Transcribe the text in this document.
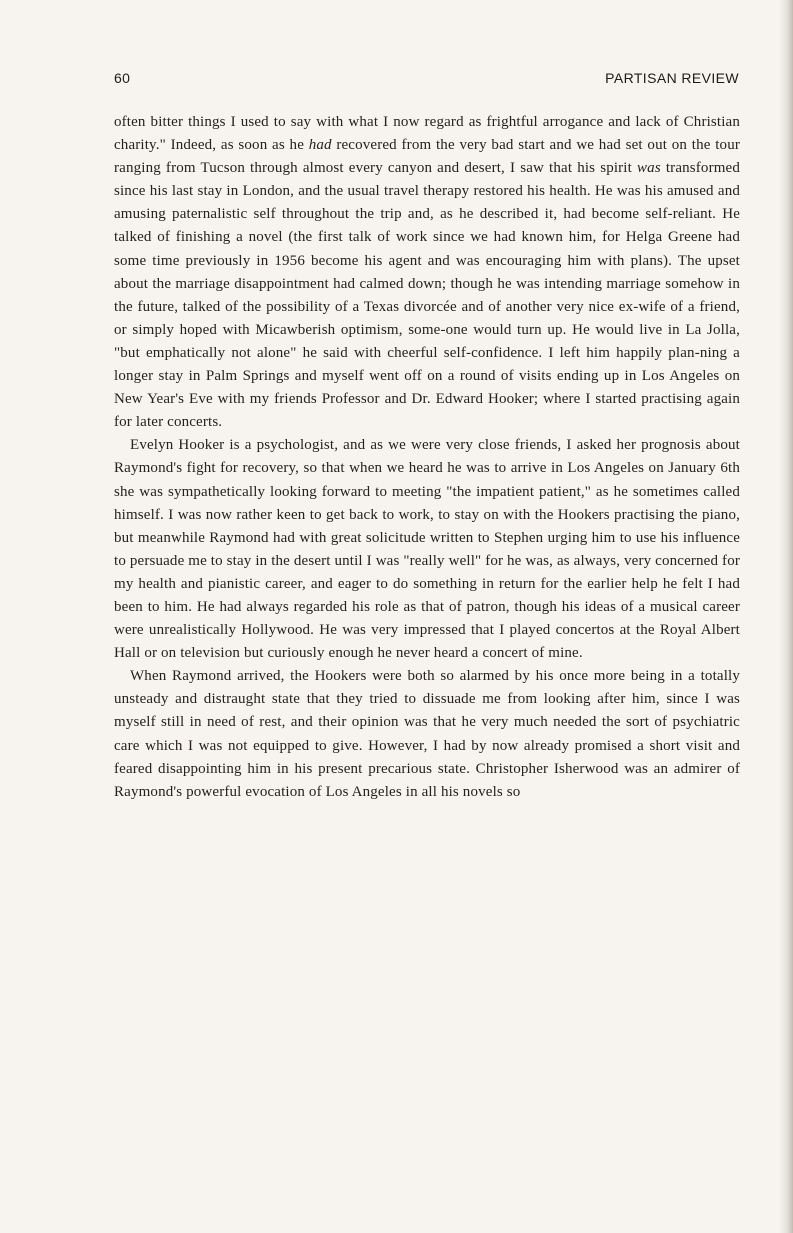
60	PARTISAN REVIEW

often bitter things I used to say with what I now regard as frightful arrogance and lack of Christian charity." Indeed, as soon as he had recovered from the very bad start and we had set out on the tour ranging from Tucson through almost every canyon and desert, I saw that his spirit was transformed since his last stay in London, and the usual travel therapy restored his health. He was his amused and amusing paternalistic self throughout the trip and, as he described it, had become self-reliant. He talked of finishing a novel (the first talk of work since we had known him, for Helga Greene had some time previously in 1956 become his agent and was encouraging him with plans). The upset about the marriage disappointment had calmed down; though he was intending marriage somehow in the future, talked of the possibility of a Texas divorcée and of another very nice ex-wife of a friend, or simply hoped with Micawberish optimism, some-one would turn up. He would live in La Jolla, "but emphatically not alone" he said with cheerful self-confidence. I left him happily plan-ning a longer stay in Palm Springs and myself went off on a round of visits ending up in Los Angeles on New Year's Eve with my friends Professor and Dr. Edward Hooker; where I started practising again for later concerts.

Evelyn Hooker is a psychologist, and as we were very close friends, I asked her prognosis about Raymond's fight for recovery, so that when we heard he was to arrive in Los Angeles on January 6th she was sympathetically looking forward to meeting "the impatient patient," as he sometimes called himself. I was now rather keen to get back to work, to stay on with the Hookers practising the piano, but meanwhile Raymond had with great solicitude written to Stephen urging him to use his influence to persuade me to stay in the desert until I was "really well" for he was, as always, very concerned for my health and pianistic career, and eager to do something in return for the earlier help he felt I had been to him. He had always regarded his role as that of patron, though his ideas of a musical career were unrealistically Hollywood. He was very impressed that I played concertos at the Royal Albert Hall or on television but curiously enough he never heard a concert of mine.

When Raymond arrived, the Hookers were both so alarmed by his once more being in a totally unsteady and distraught state that they tried to dissuade me from looking after him, since I was myself still in need of rest, and their opinion was that he very much needed the sort of psychiatric care which I was not equipped to give. However, I had by now already promised a short visit and feared disappointing him in his present precarious state. Christopher Isherwood was an admirer of Raymond's powerful evocation of Los Angeles in all his novels so
